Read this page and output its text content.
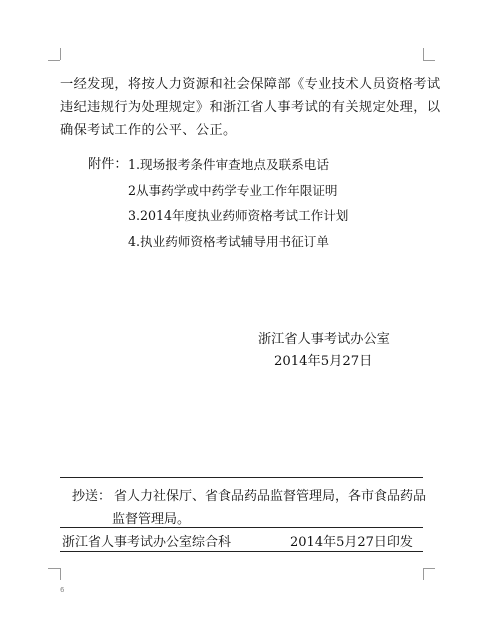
一经发现，将按人力资源和社会保障部《专业技术人员资格考试
违纪违规行为处理规定》和浙江省人事考试的有关规定处理，以
确保考试工作的公平、公正。
附件： 1.现场报考条件审查地点及联系电话
2从事药学或中药学专业工作年限证明
3.2014年度执业药师资格考试工作计划
4.执业药师资格考试辅导用书征订单
浙江省人事考试办公室
2014年5月27日
抄送： 省人力社保厅、省食品药品监督管理局，各市食品药品
监督管理局。
浙江省人事考试办公室综合科	2014年5月27日印发
6
